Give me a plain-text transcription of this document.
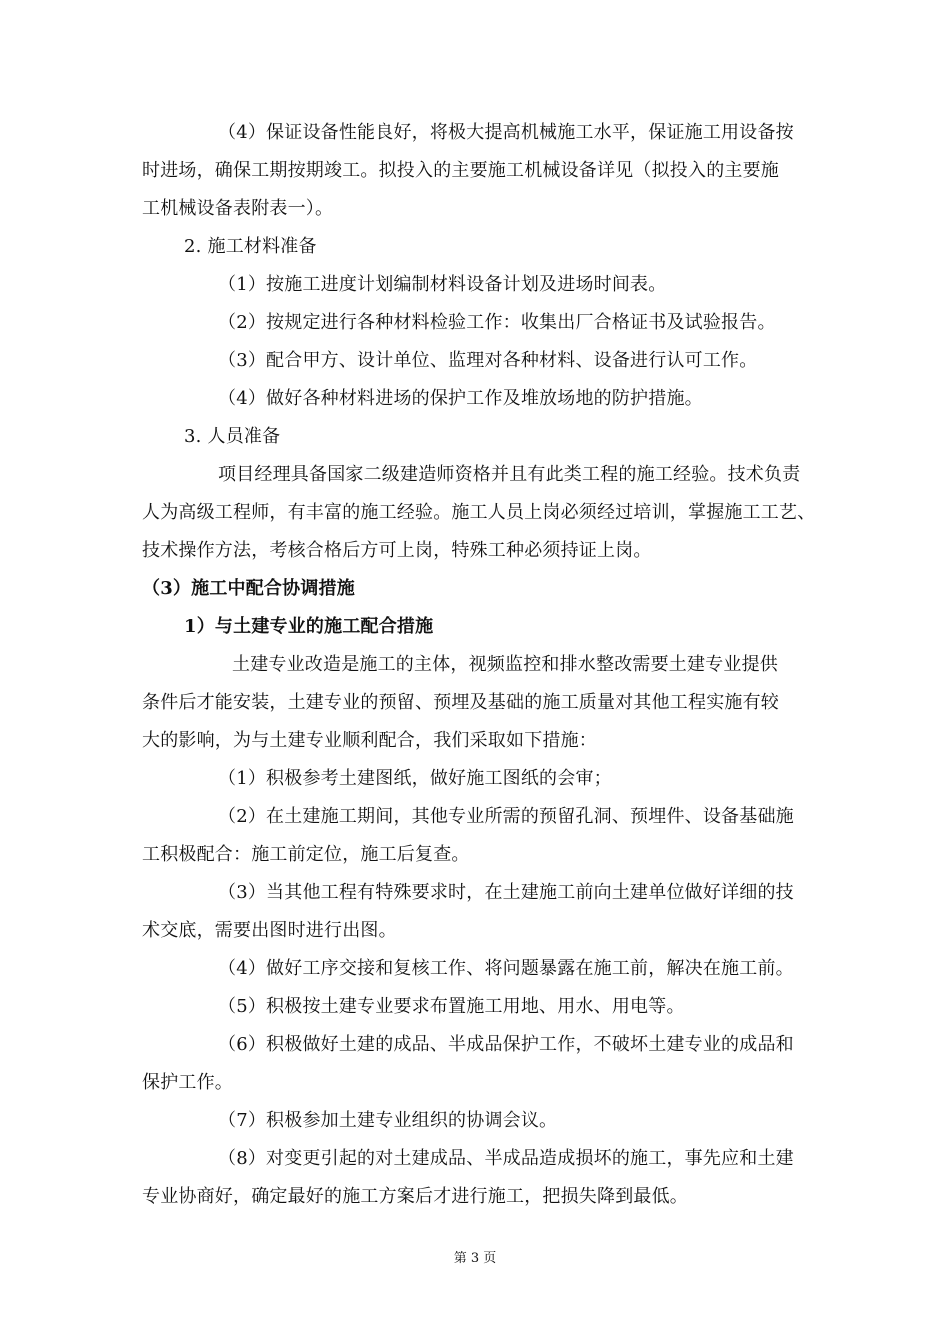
（4）保证设备性能良好，将极大提高机械施工水平，保证施工用设备按
时进场，确保工期按期竣工。拟投入的主要施工机械设备详见（拟投入的主要施
工机械设备表附表一）。
2. 施工材料准备
（1）按施工进度计划编制材料设备计划及进场时间表。
（2）按规定进行各种材料检验工作：收集出厂合格证书及试验报告。
（3）配合甲方、设计单位、监理对各种材料、设备进行认可工作。
（4）做好各种材料进场的保护工作及堆放场地的防护措施。
3. 人员准备
项目经理具备国家二级建造师资格并且有此类工程的施工经验。技术负责
人为高级工程师，有丰富的施工经验。施工人员上岗必须经过培训，掌握施工工艺、
技术操作方法，考核合格后方可上岗，特殊工种必须持证上岗。
（3）施工中配合协调措施
1）与土建专业的施工配合措施
土建专业改造是施工的主体，视频监控和排水整改需要土建专业提供
条件后才能安装，土建专业的预留、预埋及基础的施工质量对其他工程实施有较
大的影响，为与土建专业顺利配合，我们采取如下措施：
（1）积极参考土建图纸，做好施工图纸的会审；
（2）在土建施工期间，其他专业所需的预留孔洞、预埋件、设备基础施
工积极配合：施工前定位，施工后复查。
（3）当其他工程有特殊要求时，在土建施工前向土建单位做好详细的技
术交底，需要出图时进行出图。
（4）做好工序交接和复核工作、将问题暴露在施工前，解决在施工前。
（5）积极按土建专业要求布置施工用地、用水、用电等。
（6）积极做好土建的成品、半成品保护工作，不破坏土建专业的成品和
保护工作。
（7）积极参加土建专业组织的协调会议。
（8）对变更引起的对土建成品、半成品造成损坏的施工，事先应和土建
专业协商好，确定最好的施工方案后才进行施工，把损失降到最低。
第 3 页
